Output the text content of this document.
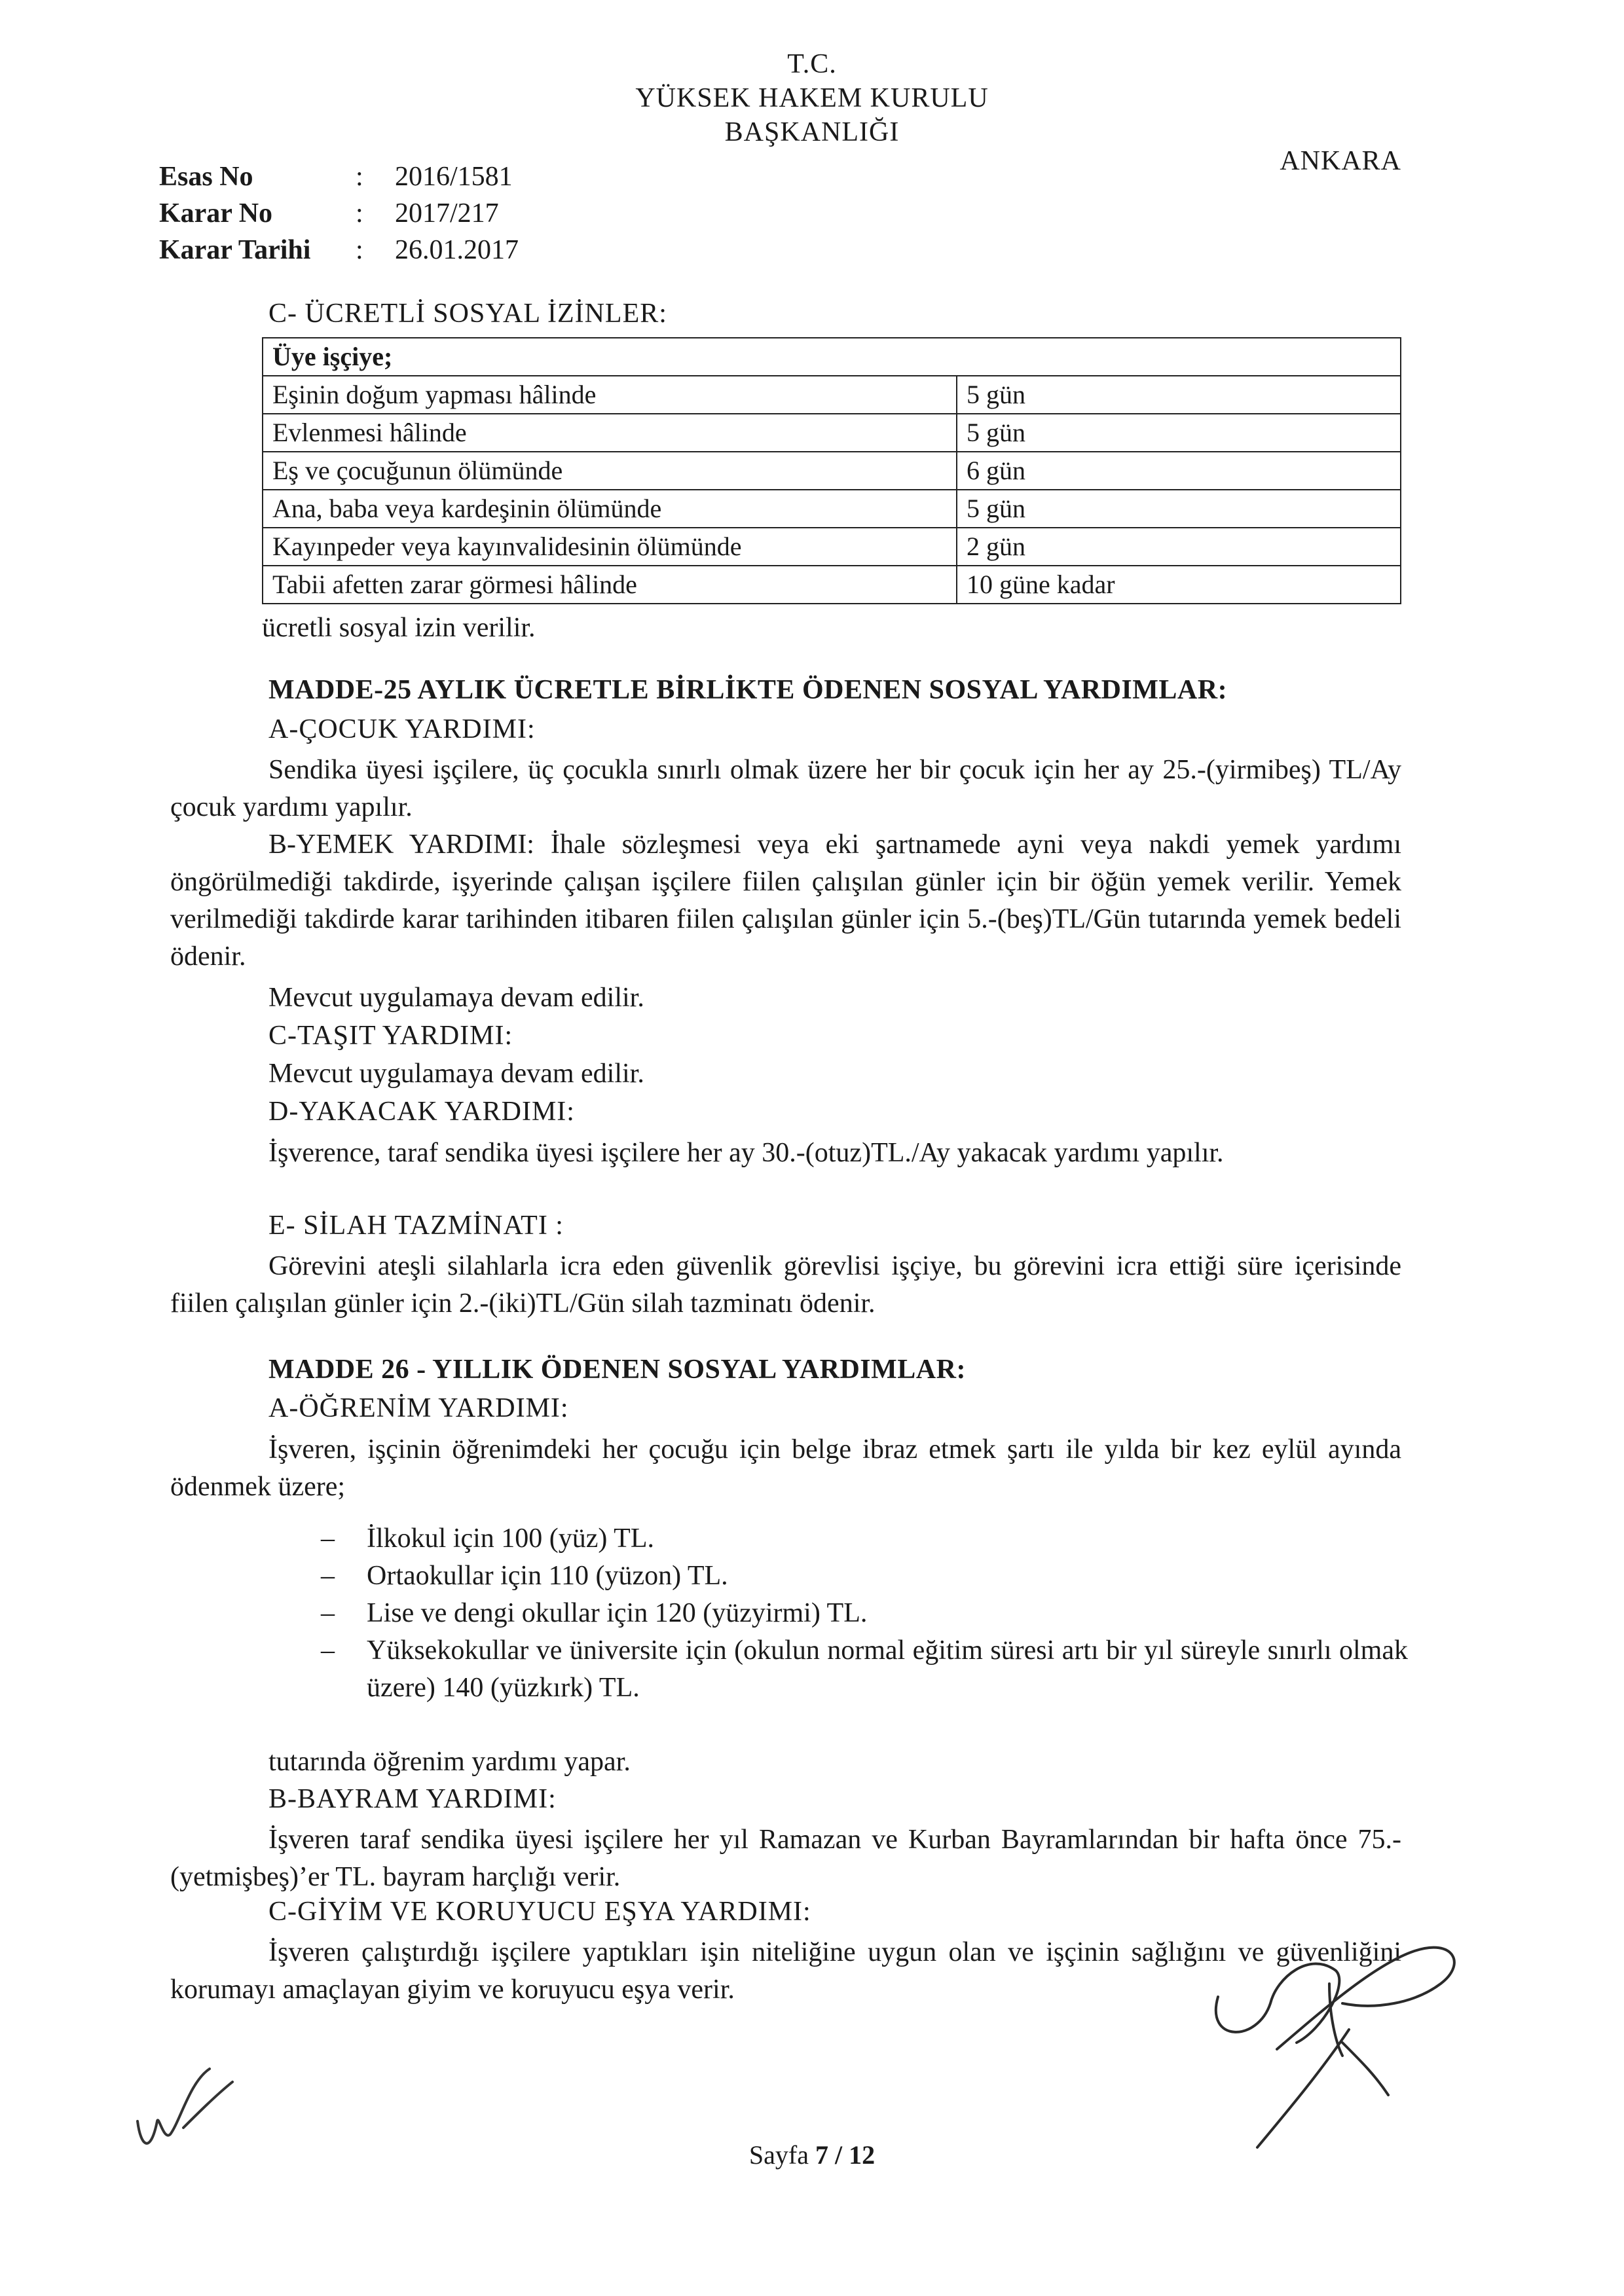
T.C.
YÜKSEK HAKEM KURULU
BAŞKANLIĞI
ANKARA
Esas No	:	2016/1581
Karar No	:	2017/217
Karar Tarihi	:	26.01.2017
C- ÜCRETLİ SOSYAL İZİNLER:
Üye işçiye;	
Eşinin doğum yapması hâlinde	5 gün
Evlenmesi hâlinde	5 gün
Eş ve çocuğunun ölümünde	6 gün
Ana, baba veya kardeşinin ölümünde	5 gün
Kayınpeder veya kayınvalidesinin ölümünde	2 gün
Tabii afetten zarar görmesi hâlinde	10 güne kadar
ücretli sosyal izin verilir.
MADDE-25 AYLIK ÜCRETLE BİRLİKTE ÖDENEN SOSYAL YARDIMLAR:
A-ÇOCUK YARDIMI:
Sendika üyesi işçilere, üç çocukla sınırlı olmak üzere her bir çocuk için her ay 25.-(yirmibeş) TL/Ay çocuk yardımı yapılır.
B-YEMEK YARDIMI: İhale sözleşmesi veya eki şartnamede ayni veya nakdi yemek yardımı öngörülmediği takdirde, işyerinde çalışan işçilere fiilen çalışılan günler için bir öğün yemek verilir. Yemek verilmediği takdirde karar tarihinden itibaren fiilen çalışılan günler için 5.-(beş)TL/Gün tutarında yemek bedeli ödenir.
Mevcut uygulamaya devam edilir.
C-TAŞIT YARDIMI:
Mevcut uygulamaya devam edilir.
D-YAKACAK YARDIMI:
İşverence, taraf sendika üyesi işçilere her ay 30.-(otuz)TL./Ay yakacak yardımı yapılır.
E- SİLAH TAZMİNATI :
Görevini ateşli silahlarla icra eden güvenlik görevlisi işçiye, bu görevini icra ettiği süre içerisinde fiilen çalışılan günler için 2.-(iki)TL/Gün silah tazminatı ödenir.
MADDE 26 - YILLIK ÖDENEN SOSYAL YARDIMLAR:
A-ÖĞRENİM YARDIMI:
İşveren, işçinin öğrenimdeki her çocuğu için belge ibraz etmek şartı ile yılda bir kez eylül ayında ödenmek üzere;
– İlkokul için 100 (yüz) TL.
– Ortaokullar için 110 (yüzon) TL.
– Lise ve dengi okullar için 120 (yüzyirmi) TL.
– Yüksekokullar ve üniversite için (okulun normal eğitim süresi artı bir yıl süreyle sınırlı olmak üzere) 140 (yüzkırk) TL.
tutarında öğrenim yardımı yapar.
B-BAYRAM YARDIMI:
İşveren taraf sendika üyesi işçilere her yıl Ramazan ve Kurban Bayramlarından bir hafta önce 75.-(yetmişbeş)’er TL. bayram harçlığı verir.
C-GİYİM VE KORUYUCU EŞYA YARDIMI:
İşveren çalıştırdığı işçilere yaptıkları işin niteliğine uygun olan ve işçinin sağlığını ve güvenliğini korumayı amaçlayan giyim ve koruyucu eşya verir.
Sayfa 7 / 12
